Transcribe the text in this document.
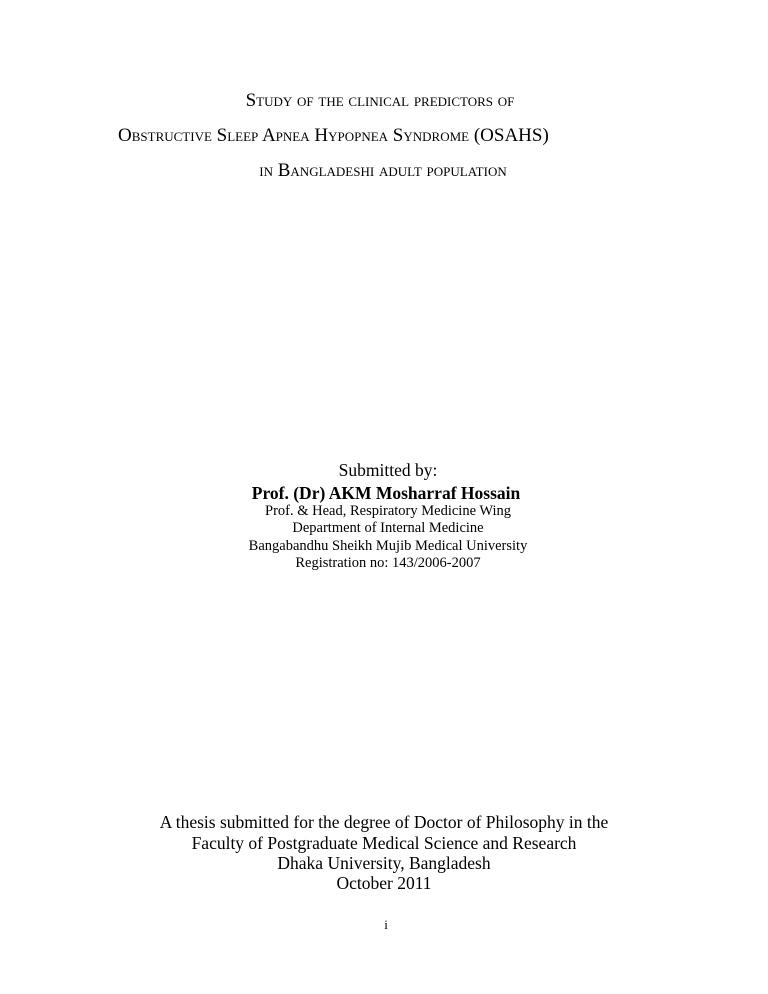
Study of the clinical predictors of
Obstructive Sleep Apnea Hypopnea Syndrome (OSAHS)
in Bangladeshi adult population
Submitted by:
Prof. (Dr) AKM Mosharraf Hossain
Prof. & Head, Respiratory Medicine Wing
Department of Internal Medicine
Bangabandhu Sheikh Mujib Medical University
Registration no: 143/2006-2007
A thesis submitted for the degree of Doctor of Philosophy in the
Faculty of Postgraduate Medical Science and Research
Dhaka University, Bangladesh
October 2011
i
